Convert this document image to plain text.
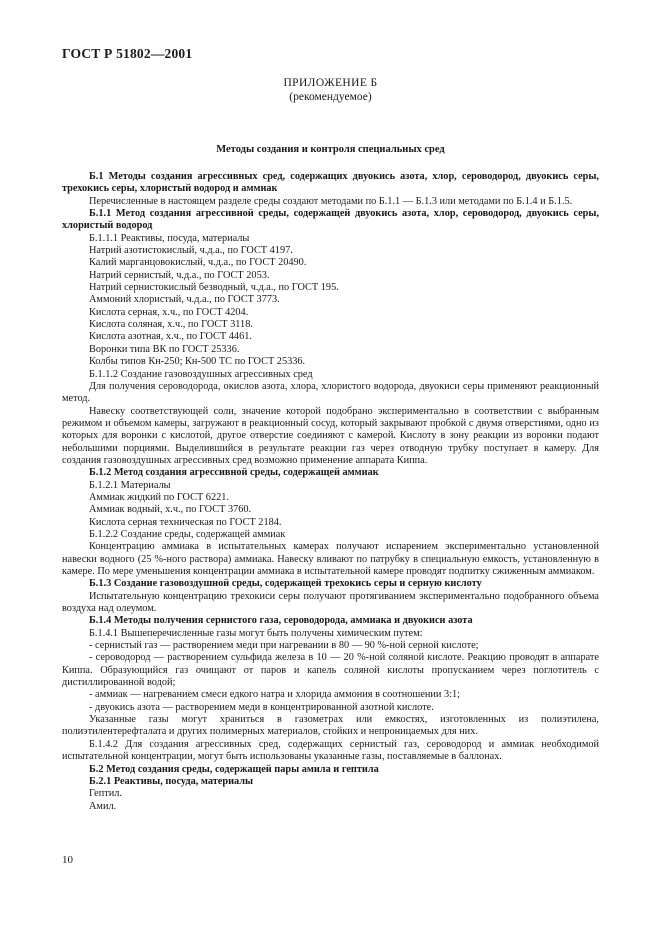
ГОСТ Р 51802—2001
ПРИЛОЖЕНИЕ Б
(рекомендуемое)
Методы создания и контроля специальных сред

Б.1 Методы создания агрессивных сред, содержащих двуокись азота, хлор, сероводород, двуокись серы, трехокись серы, хлористый водород и аммиак

Перечисленные в настоящем разделе среды создают методами по Б.1.1 — Б.1.3 или методами по Б.1.4 и Б.1.5.

Б.1.1 Метод создания агрессивной среды, содержащей двуокись азота, хлор, сероводород, двуокись серы, хлористый водород

Б.1.1.1 Реактивы, посуда, материалы

Натрий азотистокислый, ч.д.а., по ГОСТ 4197.

Калий марганцовокислый, ч.д.а., по ГОСТ 20490.

Натрий сернистый, ч.д.а., по ГОСТ 2053.

Натрий сернистокислый безводный, ч.д.а., по ГОСТ 195.

Аммоний хлористый, ч.д.а., по ГОСТ 3773.

Кислота серная, х.ч., по ГОСТ 4204.

Кислота соляная, х.ч., по ГОСТ 3118.

Кислота азотная, х.ч., по ГОСТ 4461.

Воронки типа ВК по ГОСТ 25336.

Колбы типов Кн-250; Кн-500 ТС по ГОСТ 25336.

Б.1.1.2 Создание газовоздушных агрессивных сред

Для получения сероводорода, окислов азота, хлора, хлористого водорода, двуокиси серы применяют реакционный метод.

Навеску соответствующей соли, значение которой подобрано экспериментально в соответствии с выбранным режимом и объемом камеры, загружают в реакционный сосуд, который закрывают пробкой с двумя отверстиями, одно из которых для воронки с кислотой, другое отверстие соединяют с камерой. Кислоту в зону реакции из воронки подают небольшими порциями. Выделившийся в результате реакции газ через отводную трубку поступает в камеру. Для создания газовоздушных агрессивных сред возможно применение аппарата Киппа.

Б.1.2 Метод создания агрессивной среды, содержащей аммиак

Б.1.2.1 Материалы

Аммиак жидкий по ГОСТ 6221.

Аммиак водный, х.ч., по ГОСТ 3760.

Кислота серная техническая по ГОСТ 2184.

Б.1.2.2 Создание среды, содержащей аммиак

Концентрацию аммиака в испытательных камерах получают испарением экспериментально установленной навески водного (25 %-ного раствора) аммиака. Навеску вливают по патрубку в специальную емкость, установленную в камере. По мере уменьшения концентрации аммиака в испытательной камере проводят подпитку сжиженным аммиаком.

Б.1.3 Создание газовоздушной среды, содержащей трехокись серы и серную кислоту

Испытательную концентрацию трехокиси серы получают протягиванием экспериментально подобранного объема воздуха над олеумом.

Б.1.4 Методы получения сернистого газа, сероводорода, аммиака и двуокиси азота

Б.1.4.1 Вышеперечисленные газы могут быть получены химическим путем:

- сернистый газ — растворением меди при нагревании в 80 — 90 %-ной серной кислоте;

- сероводород — растворением сульфида железа в 10 — 20 %-ной соляной кислоте. Реакцию проводят в аппарате Киппа. Образующийся газ очищают от паров и капель соляной кислоты пропусканием через поглотитель с дистиллированной водой;

- аммиак — нагреванием смеси едкого натра и хлорида аммония в соотношении 3:1;

- двуокись азота — растворением меди в концентрированной азотной кислоте.

Указанные газы могут храниться в газометрах или емкостях, изготовленных из полиэтилена, полиэтилентерефталата и других полимерных материалов, стойких и непроницаемых для них.

Б.1.4.2 Для создания агрессивных сред, содержащих сернистый газ, сероводород и аммиак необходимой испытательной концентрации, могут быть использованы указанные газы, поставляемые в баллонах.

Б.2 Метод создания среды, содержащей пары амила и гептила

Б.2.1 Реактивы, посуда, материалы

Гептил.

Амил.

10
